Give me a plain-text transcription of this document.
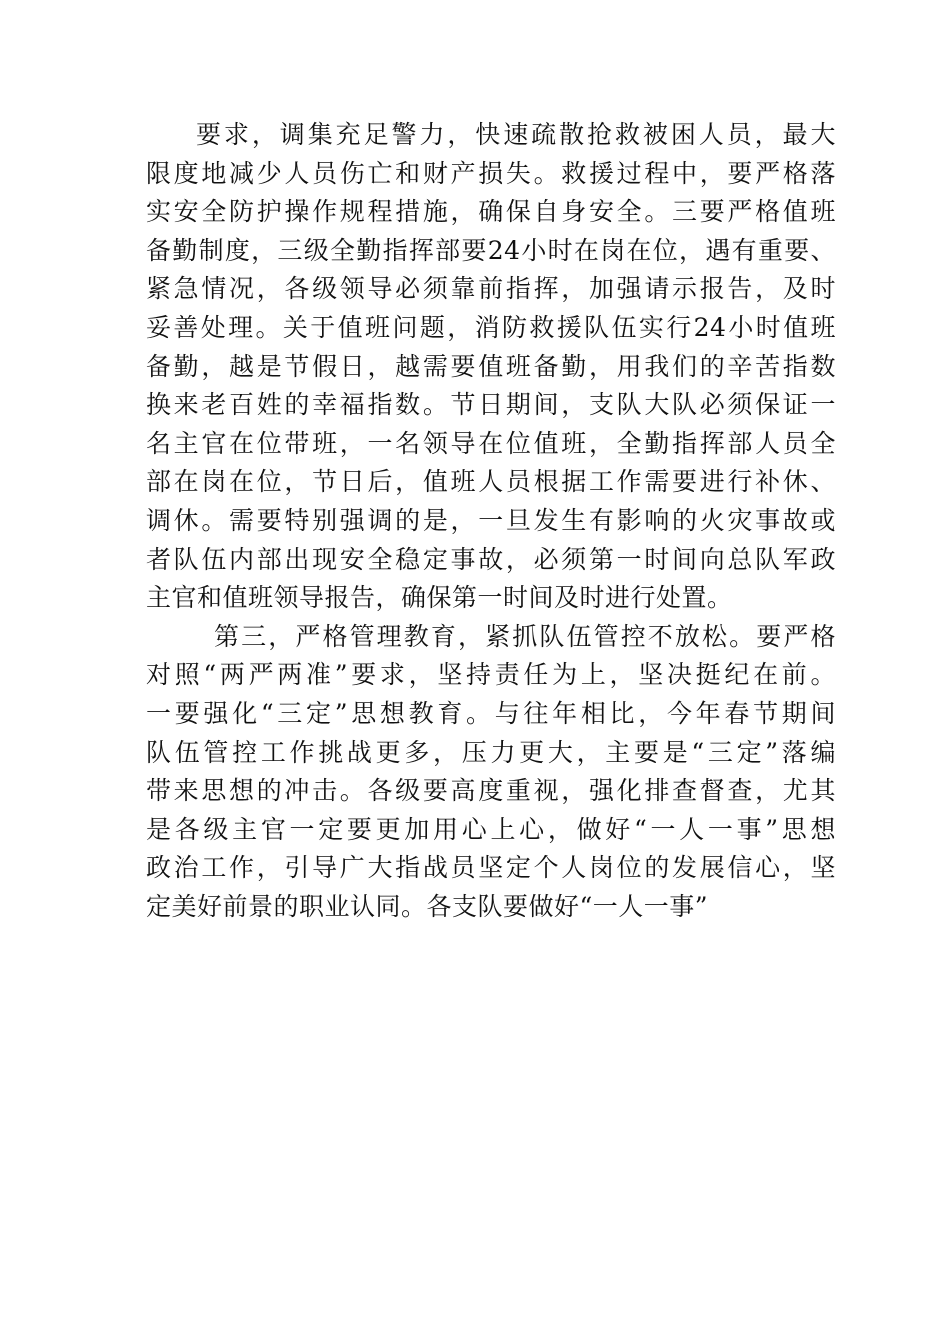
要求，调集充足警力，快速疏散抢救被困人员，最大
限度地减少人员伤亡和财产损失。救援过程中，要严格落
实安全防护操作规程措施，确保自身安全。三要严格值班
备勤制度，三级全勤指挥部要24小时在岗在位，遇有重要、
紧急情况，各级领导必须靠前指挥，加强请示报告，及时
妥善处理。关于值班问题，消防救援队伍实行24小时值班
备勤，越是节假日，越需要值班备勤，用我们的辛苦指数
换来老百姓的幸福指数。节日期间，支队大队必须保证一
名主官在位带班，一名领导在位值班，全勤指挥部人员全
部在岗在位，节日后，值班人员根据工作需要进行补休、
调休。需要特别强调的是，一旦发生有影响的火灾事故或
者队伍内部出现安全稳定事故，必须第一时间向总队军政
主官和值班领导报告，确保第一时间及时进行处置。
第三，严格管理教育，紧抓队伍管控不放松。要严格
对照“两严两准”要求，坚持责任为上，坚决挺纪在前。
一要强化“三定”思想教育。与往年相比，今年春节期间
队伍管控工作挑战更多，压力更大，主要是“三定”落编
带来思想的冲击。各级要高度重视，强化排查督查，尤其
是各级主官一定要更加用心上心，做好“一人一事”思想
政治工作，引导广大指战员坚定个人岗位的发展信心，坚
定美好前景的职业认同。各支队要做好“一人一事”
